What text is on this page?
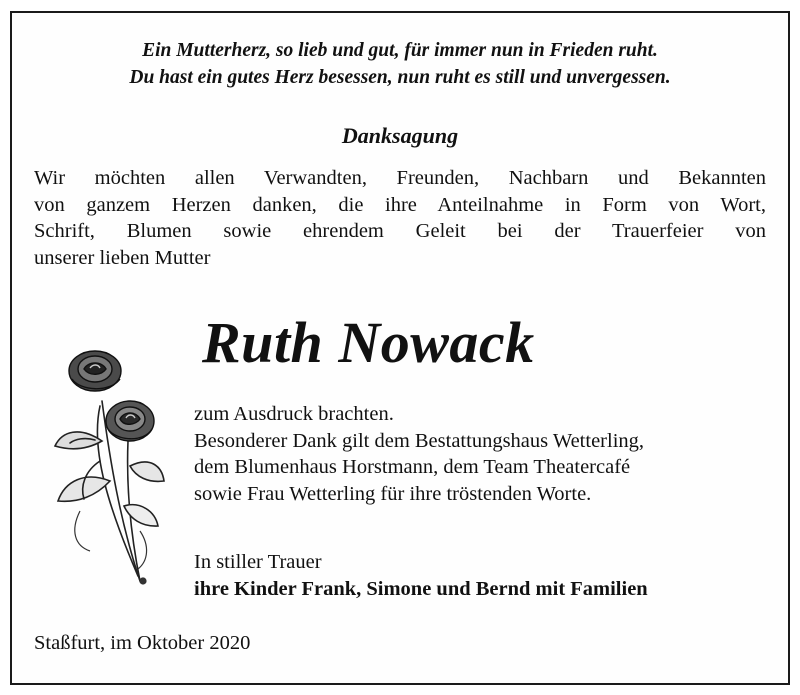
Ein Mutterherz, so lieb und gut, für immer nun in Frieden ruht.
Du hast ein gutes Herz besessen, nun ruht es still und unvergessen.
Danksagung
Wir möchten allen Verwandten, Freunden, Nachbarn und Bekannten
von ganzem Herzen danken, die ihre Anteilnahme in Form von Wort,
Schrift, Blumen sowie ehrendem Geleit bei der Trauerfeier von
unserer lieben Mutter
Ruth Nowack
zum Ausdruck brachten.
Besonderer Dank gilt dem Bestattungshaus Wetterling,
dem Blumenhaus Horstmann, dem Team Theatercafé
sowie Frau Wetterling für ihre tröstenden Worte.
In stiller Trauer
ihre Kinder Frank, Simone und Bernd mit Familien
Staßfurt, im Oktober 2020
